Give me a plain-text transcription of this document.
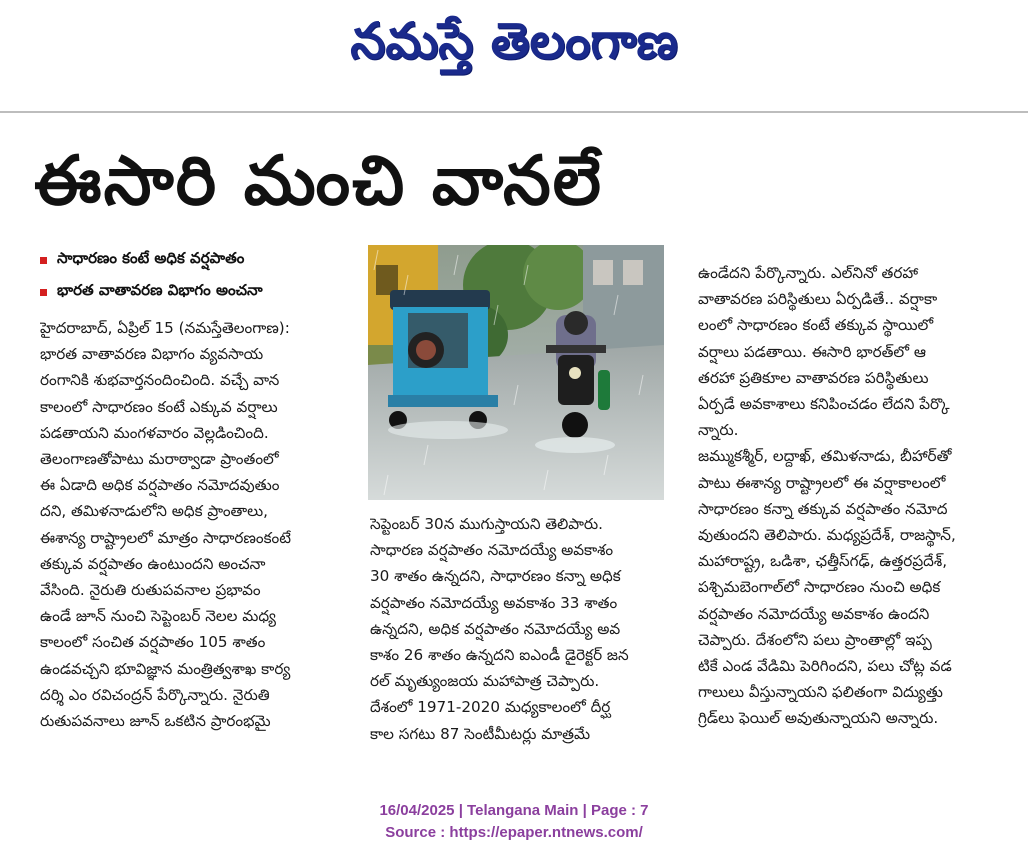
నమస్తే తెలంగాణ
ఈసారి మంచి వానలే
సాధారణం కంటే అధిక వర్షపాతం
భారత వాతావరణ విభాగం అంచనా

హైదరాబాద్, ఏప్రిల్ 15 (నమస్తేతెలంగాణ):

భారత వాతావరణ విభాగం వ్యవసాయ

రంగానికి శుభవార్తనందించింది. వచ్చే వాన

కాలంలో సాధారణం కంటే ఎక్కువ వర్షాలు

పడతాయని మంగళవారం వెల్లడించింది.

తెలంగాణతోపాటు మరాఠ్వాడా ప్రాంతంలో

ఈ ఏడాది అధిక వర్షపాతం నమోదవుతుం

దని, తమిళనాడులోని అధిక ప్రాంతాలు,

ఈశాన్య రాష్ట్రాలలో మాత్రం సాధారణంకంటే

తక్కువ వర్షపాతం ఉంటుందని అంచనా

వేసింది. నైరుతి రుతుపవనాల ప్రభావం

ఉండే జూన్ నుంచి సెప్టెంబర్ నెలల మధ్య

కాలంలో సంచిత వర్షపాతం 105 శాతం

ఉండవచ్చని భూవిజ్ఞాన మంత్రిత్వశాఖ కార్య

దర్శి ఎం రవిచంద్రన్ పేర్కొన్నారు. నైరుతి

రుతుపవనాలు జూన్ ఒకటిన ప్రారంభమై

సెప్టెంబర్ 30న ముగుస్తాయని తెలిపారు.

సాధారణ వర్షపాతం నమోదయ్యే అవకాశం

30 శాతం ఉన్నదని, సాధారణం కన్నా అధిక

వర్షపాతం నమోదయ్యే అవకాశం 33 శాతం

ఉన్నదని, అధిక వర్షపాతం నమోదయ్యే అవ

కాశం 26 శాతం ఉన్నదని ఐఎండీ డైరెక్టర్ జన

రల్ మృత్యుంజయ మహాపాత్ర చెప్పారు.

దేశంలో 1971-2020 మధ్యకాలంలో దీర్ఘ

కాల సగటు 87 సెంటీమీటర్లు మాత్రమే

ఉండేదని పేర్కొన్నారు. ఎల్‌నినో తరహా

వాతావరణ పరిస్థితులు ఏర్పడితే.. వర్షాకా

లంలో సాధారణం కంటే తక్కువ స్థాయిలో

వర్షాలు పడతాయి. ఈసారి భారత్‌లో ఆ

తరహా ప్రతికూల వాతావరణ పరిస్థితులు

ఏర్పడే అవకాశాలు కనిపించడం లేదని పేర్కొ

న్నారు.

జమ్ముకశ్మీర్, లద్దాఖ్, తమిళనాడు, బీహార్‌తో

పాటు ఈశాన్య రాష్ట్రాలలో ఈ వర్షాకాలంలో

సాధారణం కన్నా తక్కువ వర్షపాతం నమోద

వుతుందని తెలిపారు. మధ్యప్రదేశ్, రాజస్థాన్,

మహారాష్ట్ర, ఒడిశా, ఛత్తీస్‌గఢ్, ఉత్తరప్రదేశ్,

పశ్చిమబెంగాల్‌లో సాధారణం నుంచి అధిక

వర్షపాతం నమోదయ్యే అవకాశం ఉందని

చెప్పారు. దేశంలోని పలు ప్రాంతాల్లో ఇప్ప

టికే ఎండ వేడిమి పెరిగిందని, పలు చోట్ల వడ

గాలులు వీస్తున్నాయని ఫలితంగా విద్యుత్తు

గ్రిడ్‌లు ఫెయిల్ అవుతున్నాయని అన్నారు.

16/04/2025 | Telangana Main | Page : 7
Source : https://epaper.ntnews.com/
